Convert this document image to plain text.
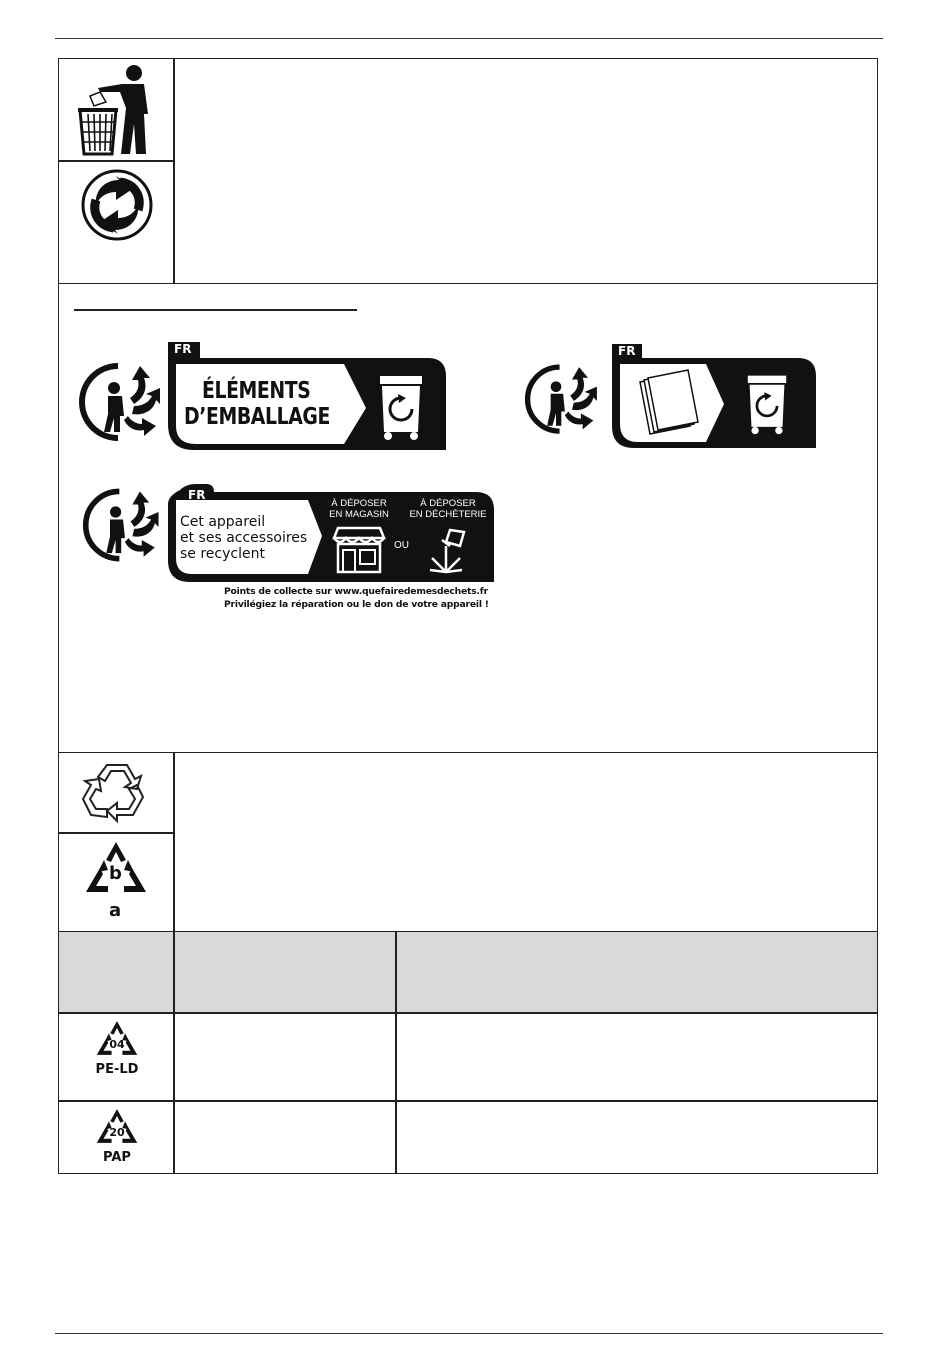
FR
ÉLÉMENTS
D’EMBALLAGE
FR
FR
Cet appareil
et ses accessoires
se recyclent
À DÉPOSER
EN MAGASIN
OU
À DÉPOSER
EN DÉCHÈTERIE
Points de collecte sur www.quefairedemesdechets.fr
Privilégiez la réparation ou le don de votre appareil !
b
a
04
PE-LD
20
PAP
